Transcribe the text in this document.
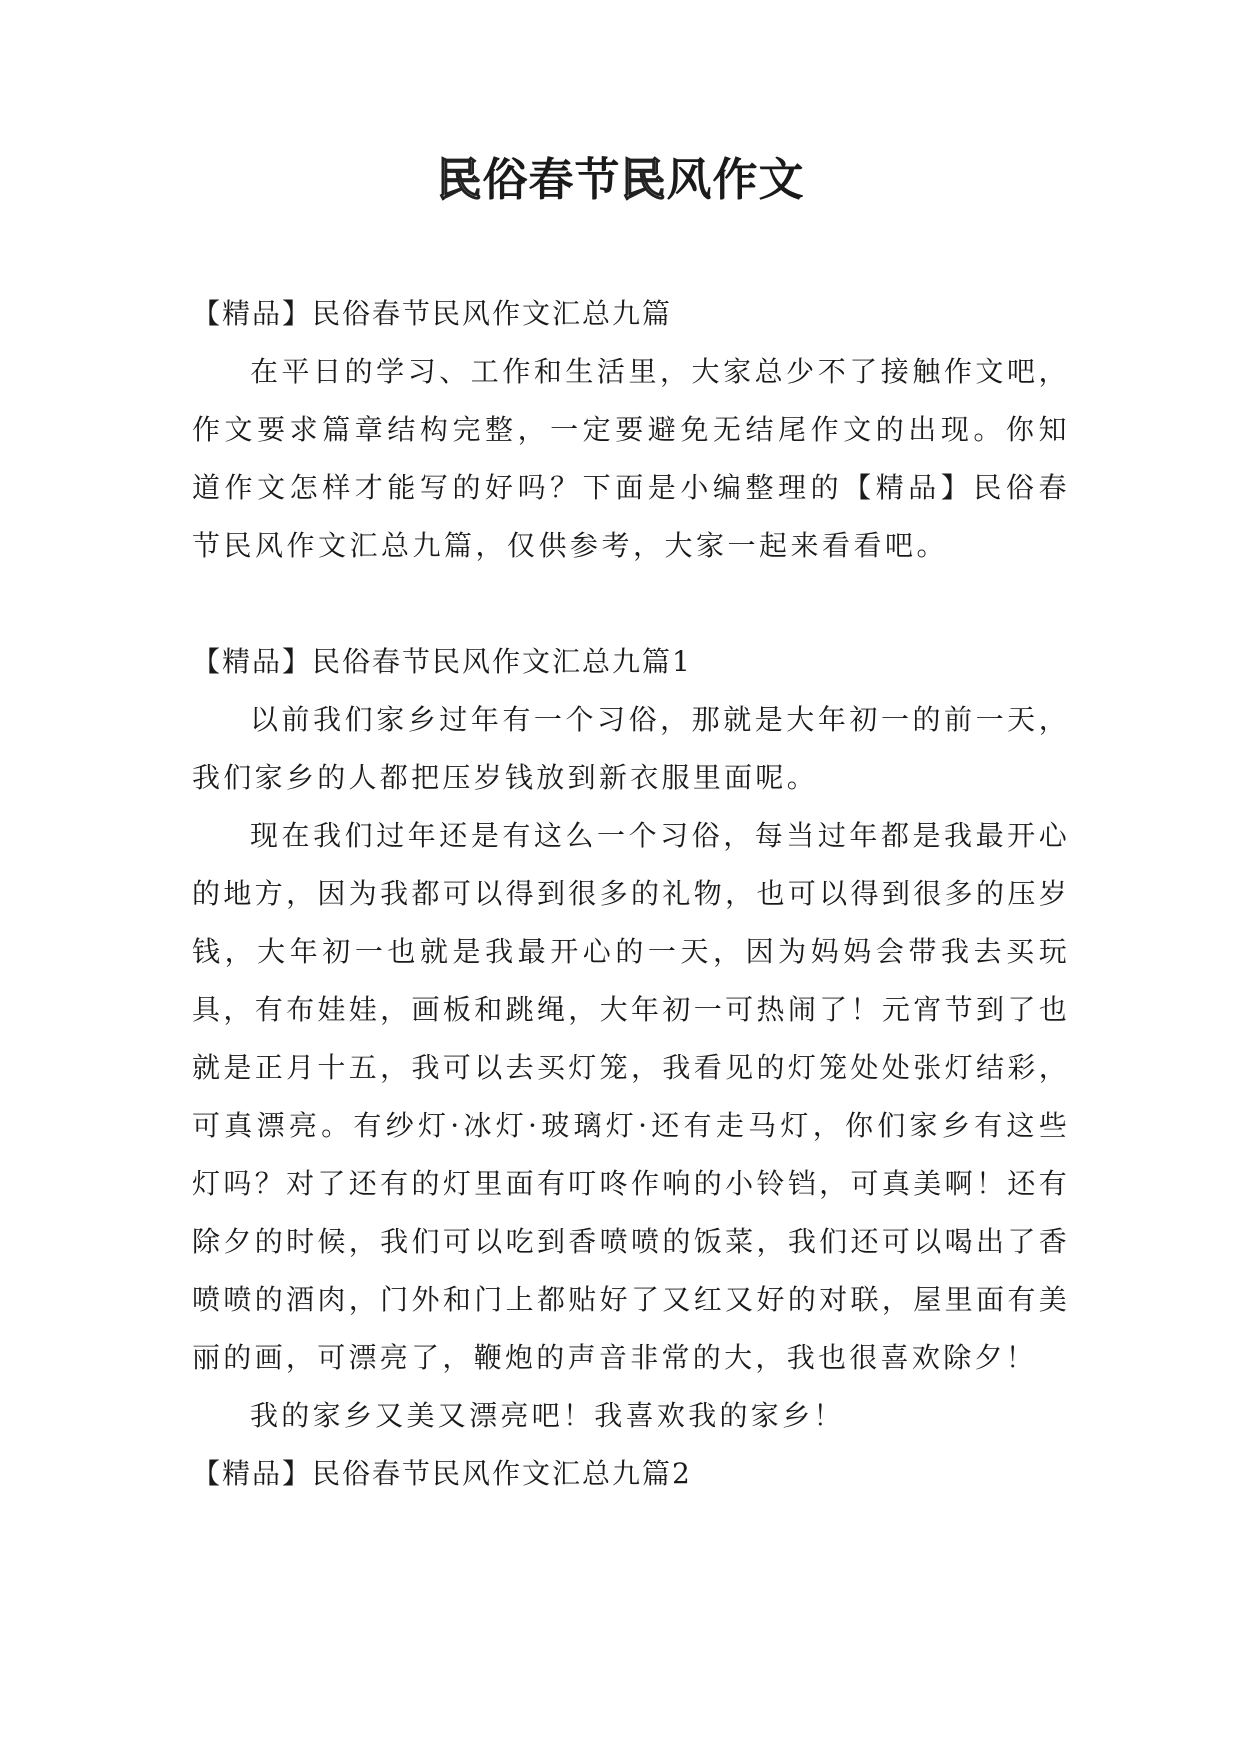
民俗春节民风作文

【精品】民俗春节民风作文汇总九篇

在平日的学习、工作和生活里，大家总少不了接触作文吧，作文要求篇章结构完整，一定要避免无结尾作文的出现。你知道作文怎样才能写的好吗？下面是小编整理的【精品】民俗春节民风作文汇总九篇，仅供参考，大家一起来看看吧。

【精品】民俗春节民风作文汇总九篇1

以前我们家乡过年有一个习俗，那就是大年初一的前一天，我们家乡的人都把压岁钱放到新衣服里面呢。

现在我们过年还是有这么一个习俗，每当过年都是我最开心的地方，因为我都可以得到很多的礼物，也可以得到很多的压岁钱，大年初一也就是我最开心的一天，因为妈妈会带我去买玩具，有布娃娃，画板和跳绳，大年初一可热闹了！元宵节到了也就是正月十五，我可以去买灯笼，我看见的灯笼处处张灯结彩，可真漂亮。有纱灯·冰灯·玻璃灯·还有走马灯，你们家乡有这些灯吗？对了还有的灯里面有叮咚作响的小铃铛，可真美啊！还有除夕的时候，我们可以吃到香喷喷的饭菜，我们还可以喝出了香喷喷的酒肉，门外和门上都贴好了又红又好的对联，屋里面有美丽的画，可漂亮了，鞭炮的声音非常的大，我也很喜欢除夕！

我的家乡又美又漂亮吧！我喜欢我的家乡！

【精品】民俗春节民风作文汇总九篇2
